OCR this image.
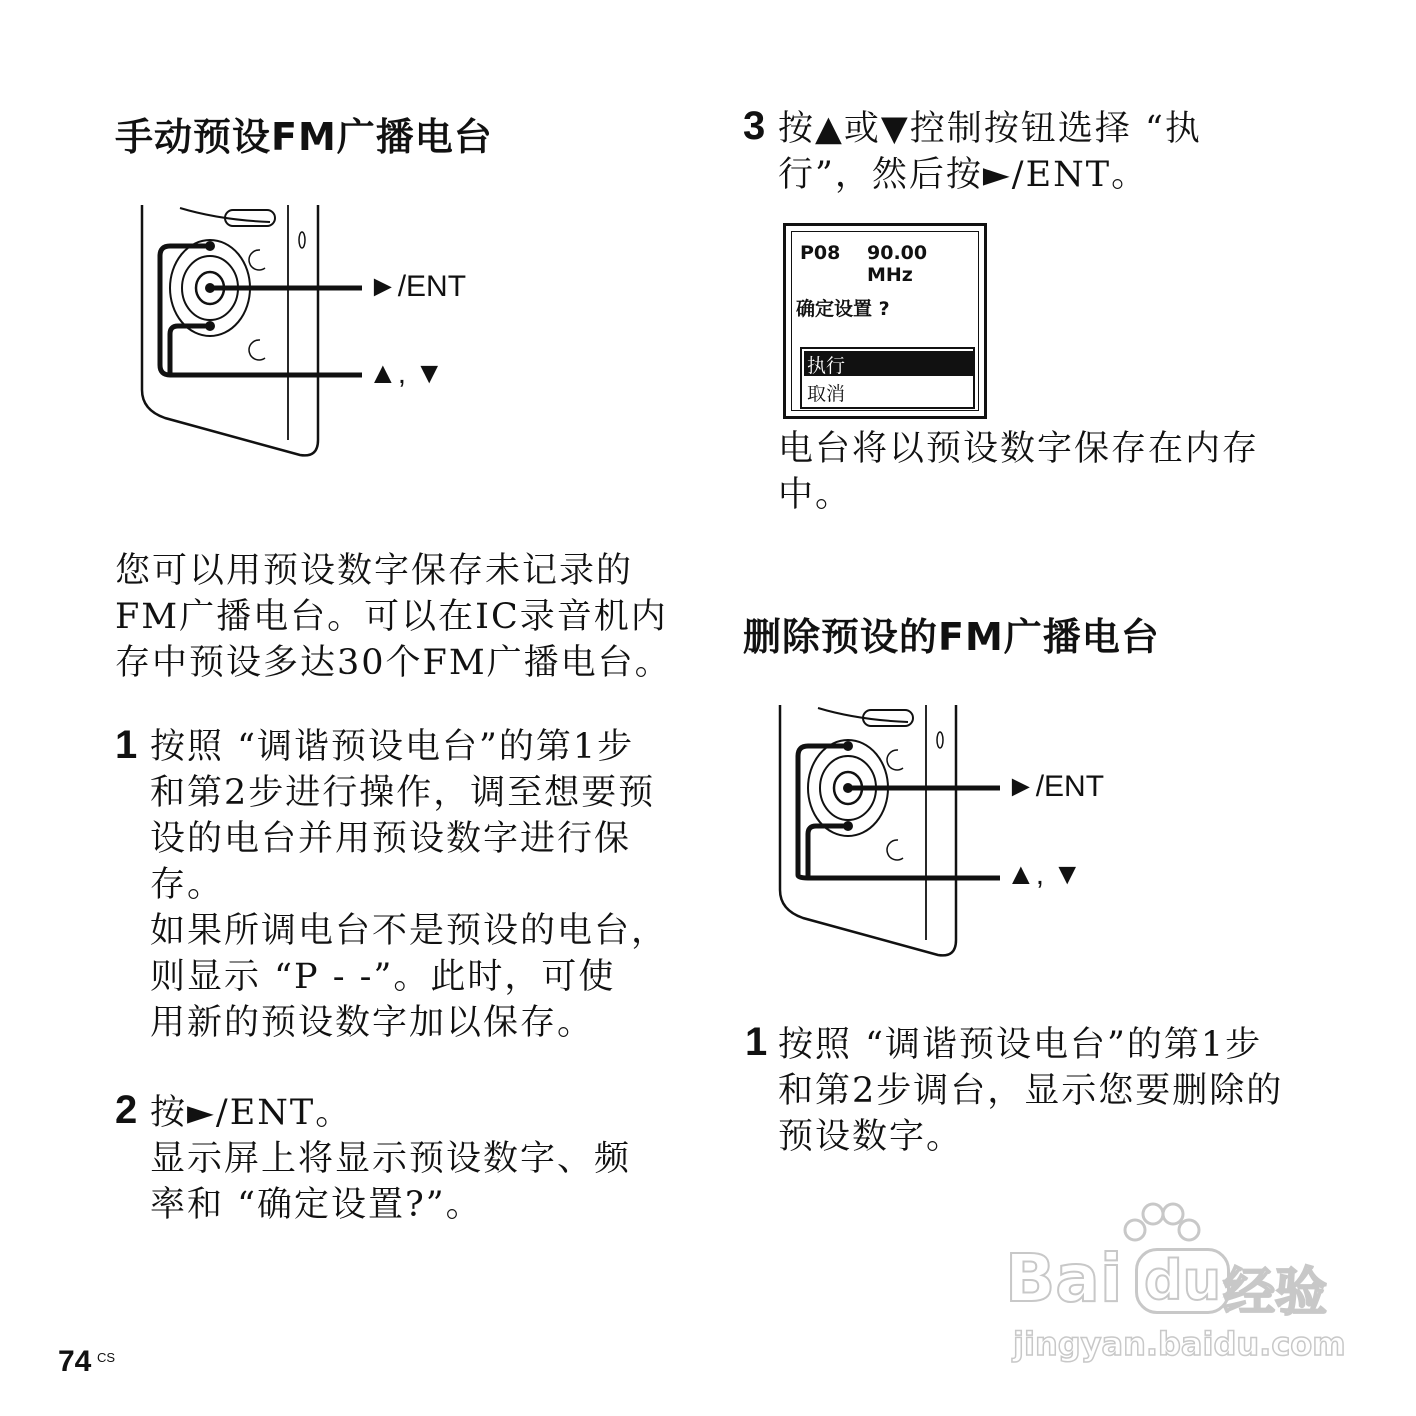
手动预设FM广播电台
►/ENT
▲, ▼
您可以用预设数字保存未记录的
FM广播电台。可以在IC录音机内
存中预设多达30个FM广播电台。
1 按照 “调谐预设电台”的第1步
和第2步进行操作，调至想要预
设的电台并用预设数字进行保
存。
如果所调电台不是预设的电台，
则显示 “P - -”。此时，可使
用新的预设数字加以保存。
2 按►/ENT。
显示屏上将显示预设数字、频
率和 “确定设置?”。
3 按▲或▼控制按钮选择 “执
行”，然后按►/ENT。
P08 90.00 MHz
确定设置 ?
执行
取消
电台将以预设数字保存在内存
中。
删除预设的FM广播电台
►/ENT
▲, ▼
1 按照 “调谐预设电台”的第1步
和第2步调台，显示您要删除的
预设数字。
74 CS
Bai du 经验
jingyan.baidu.com
